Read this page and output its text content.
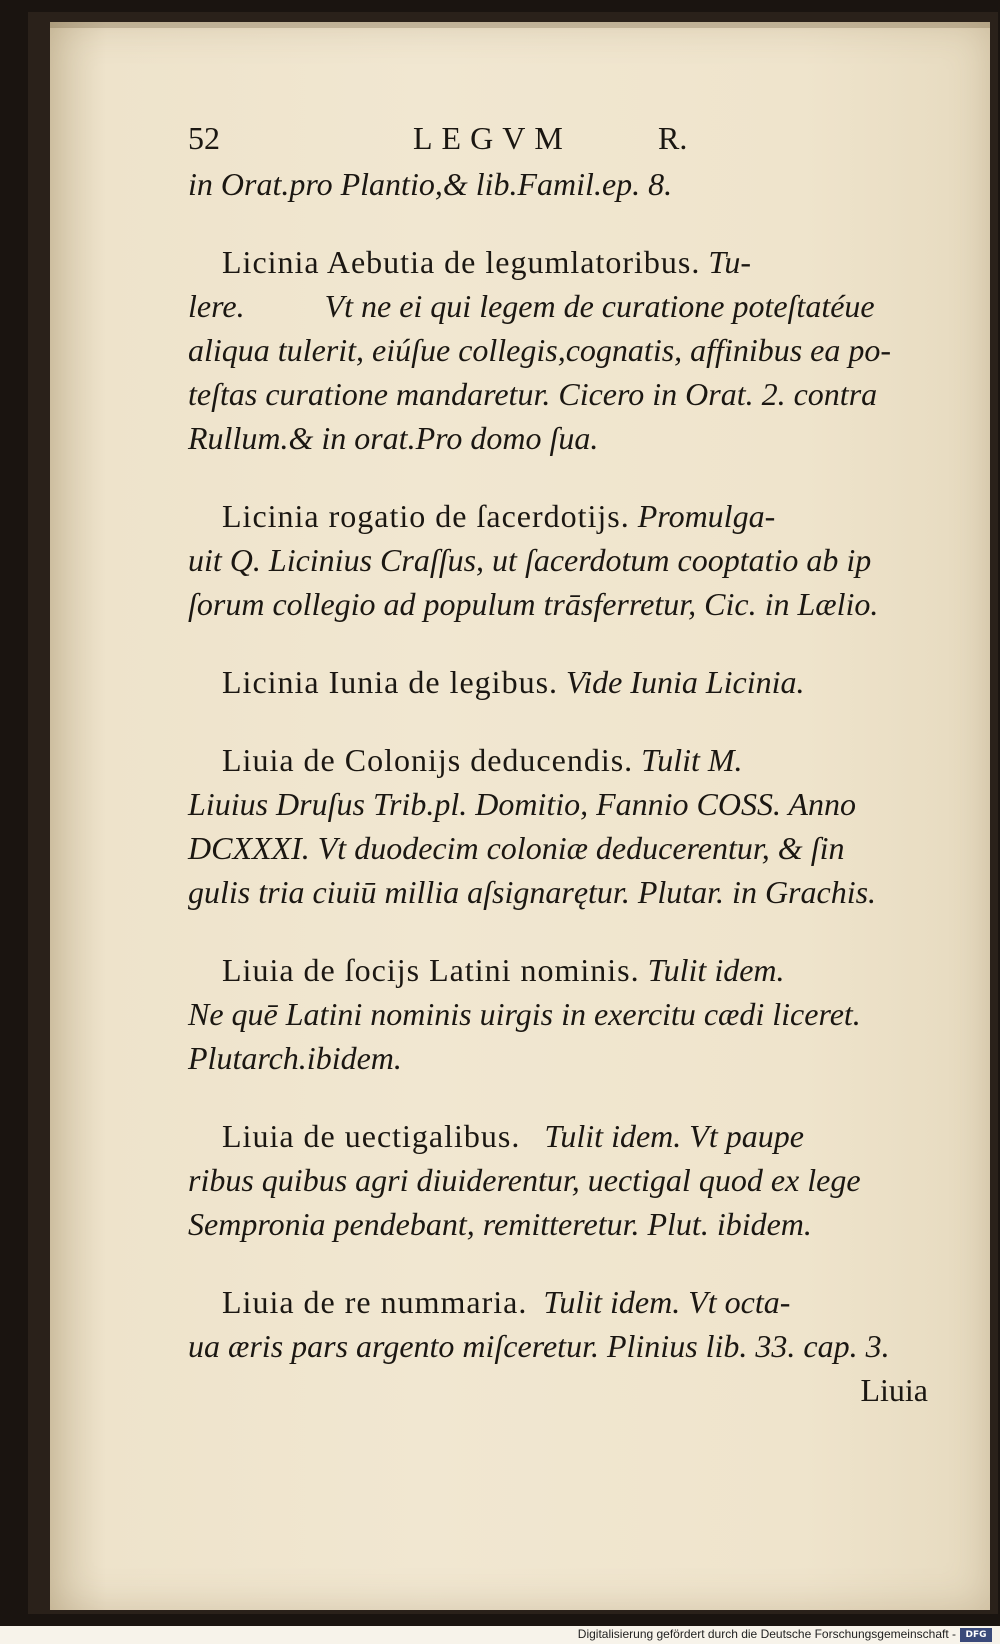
52	LEGVM	R.
in Orat.pro Plantio,& lib.Famil.ep. 8.
Licinia Aebutia de legumlatoribus. Tu-
lere.          Vt ne ei qui legem de curatione poteſtatéue
aliqua tulerit, eiúſue collegis,cognatis, affinibus ea po-
teſtas curatione mandaretur. Cicero in Orat. 2. contra
Rullum.& in orat.Pro domo ſua.
Licinia rogatio de ſacerdotijs. Promulga-
uit Q. Licinius Craſſus, ut ſacerdotum cooptatio ab ip
ſorum collegio ad populum trāsferretur, Cic. in Lælio.
Licinia Iunia de legibus. Vide Iunia Licinia.
Liuia de Colonijs deducendis. Tulit M.
Liuius Druſus Trib.pl. Domitio, Fannio COSS. Anno
DCXXXI. Vt duodecim coloniæ deducerentur, & ſin
gulis tria ciuiū millia aſsignarętur. Plutar. in Grachis.
Liuia de ſocijs Latini nominis. Tulit idem.
Ne quē Latini nominis uirgis in exercitu cædi liceret.
Plutarch.ibidem.
Liuia de uectigalibus.   Tulit idem. Vt paupe
ribus quibus agri diuiderentur, uectigal quod ex lege
Sempronia pendebant, remitteretur. Plut. ibidem.
Liuia de re nummaria.  Tulit idem. Vt octa-
ua æris pars argento miſceretur. Plinius lib. 33. cap. 3.
Liuia
Digitalisierung gefördert durch die Deutsche Forschungsgemeinschaft -	DFG
